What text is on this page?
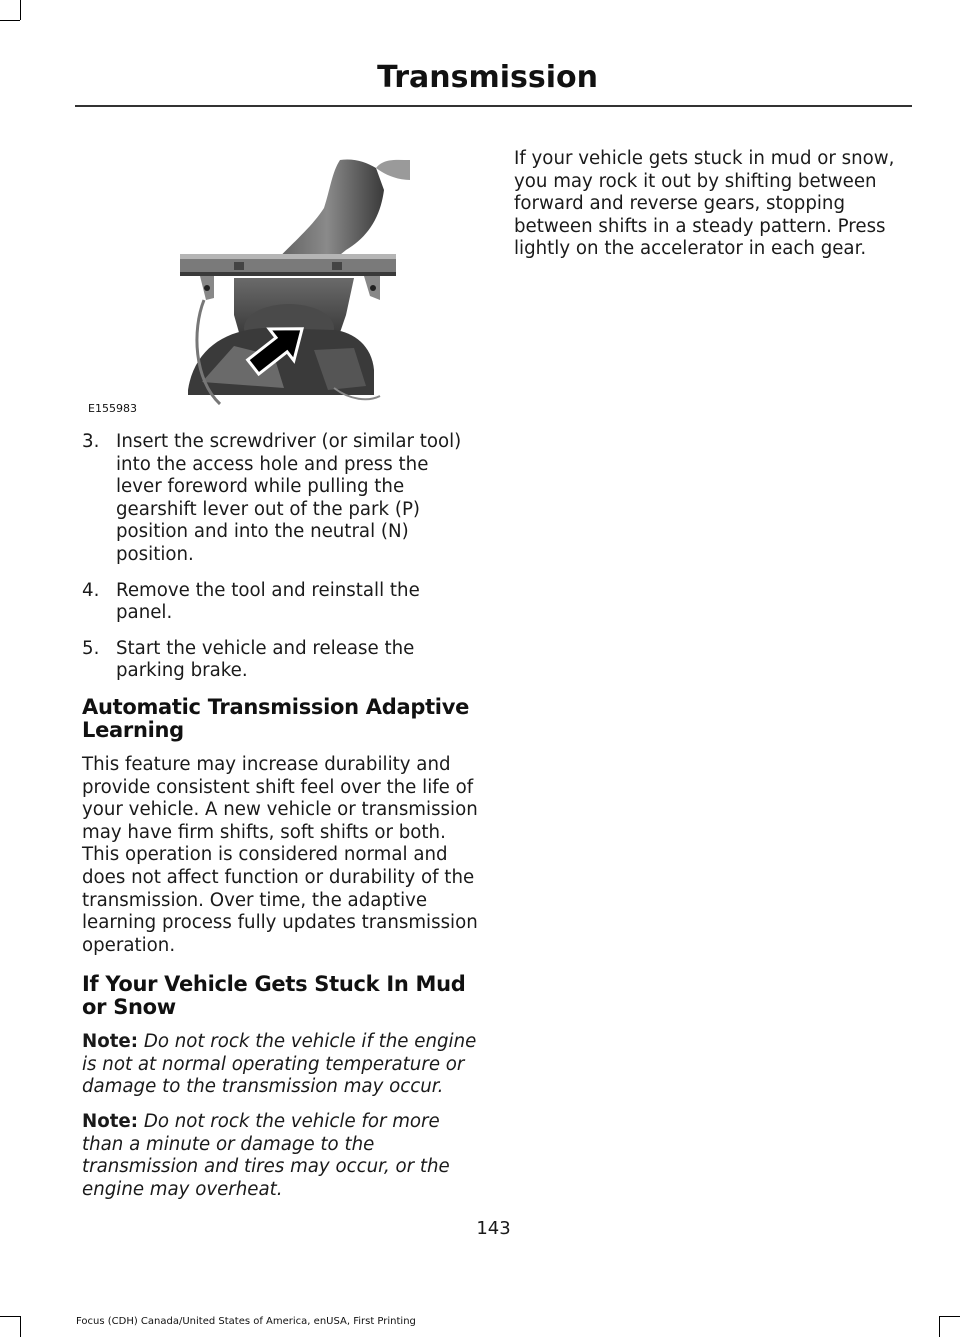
Transmission
E155983
3. Insert the screwdriver (or similar tool) into the access hole and press the lever foreword while pulling the gearshift lever out of the park (P) position and into the neutral (N) position.
4. Remove the tool and reinstall the panel.
5. Start the vehicle and release the parking brake.
Automatic Transmission Adaptive Learning

This feature may increase durability and provide consistent shift feel over the life of your vehicle. A new vehicle or transmission may have firm shifts, soft shifts or both. This operation is considered normal and does not affect function or durability of the transmission. Over time, the adaptive learning process fully updates transmission operation.

If Your Vehicle Gets Stuck In Mud or Snow

Note: Do not rock the vehicle if the engine is not at normal operating temperature or damage to the transmission may occur.

Note: Do not rock the vehicle for more than a minute or damage to the transmission and tires may occur, or the engine may overheat.

If your vehicle gets stuck in mud or snow, you may rock it out by shifting between forward and reverse gears, stopping between shifts in a steady pattern. Press lightly on the accelerator in each gear.

143
Focus (CDH) Canada/United States of America, enUSA, First Printing
